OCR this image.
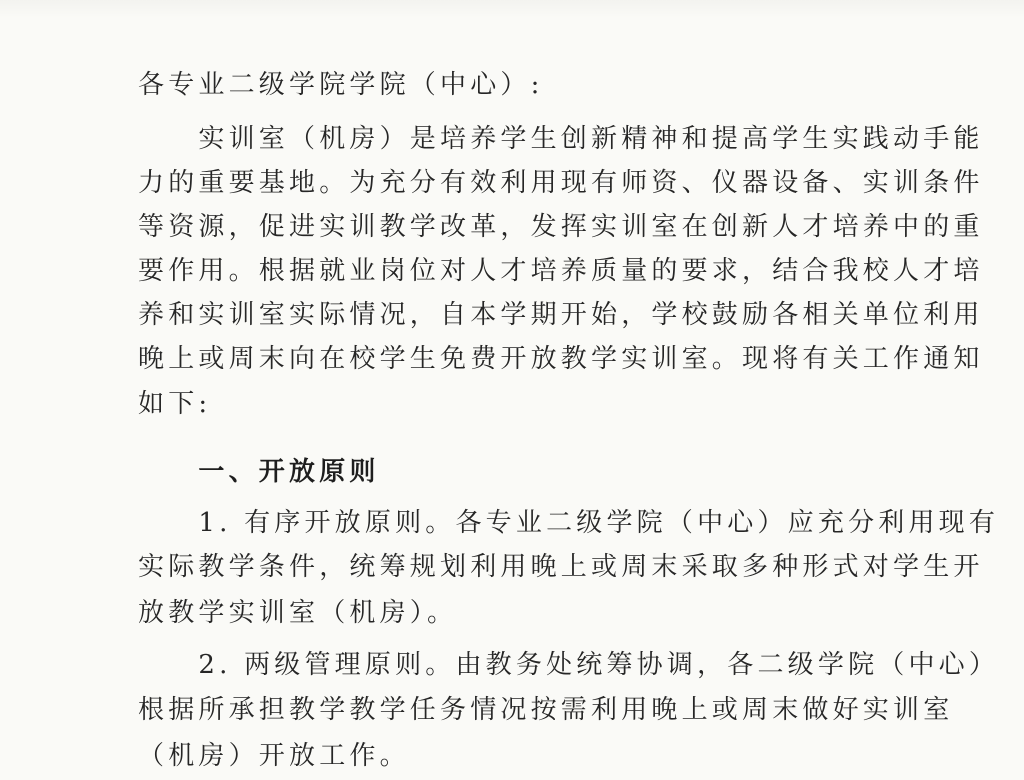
各专业二级学院学院（中心）:
　　实训室（机房）是培养学生创新精神和提高学生实践动手能
力的重要基地。为充分有效利用现有师资、仪器设备、实训条件
等资源，促进实训教学改革，发挥实训室在创新人才培养中的重
要作用。根据就业岗位对人才培养质量的要求，结合我校人才培
养和实训室实际情况，自本学期开始，学校鼓励各相关单位利用
晚上或周末向在校学生免费开放教学实训室。现将有关工作通知
如下:
　　一、开放原则
　　1. 有序开放原则。各专业二级学院（中心）应充分利用现有
实际教学条件，统筹规划利用晚上或周末采取多种形式对学生开
放教学实训室（机房）。
　　2. 两级管理原则。由教务处统筹协调，各二级学院（中心）
根据所承担教学教学任务情况按需利用晚上或周末做好实训室
（机房）开放工作。
